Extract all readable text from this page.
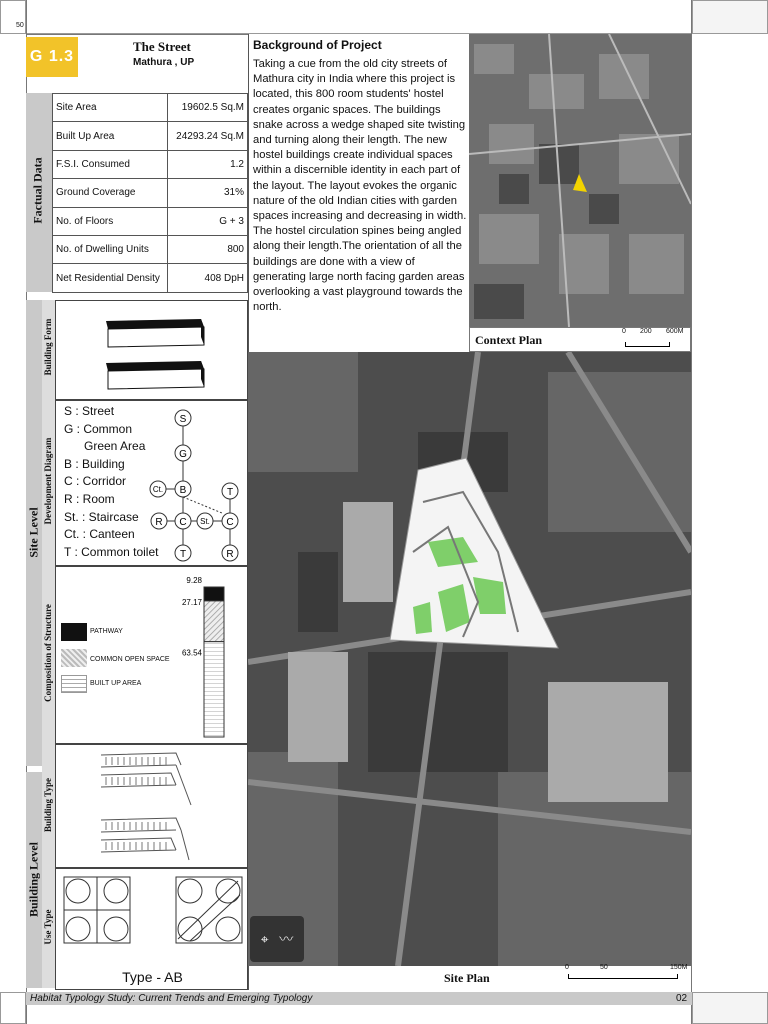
50
G 1.3
The Street
Mathura , UP
Factual Data
Site Area	19602.5 Sq.M
Built Up Area	24293.24 Sq.M
F.S.I. Consumed	1.2
Ground Coverage	31%
No. of Floors	G + 3
No. of Dwelling Units	800
Net Residential Density	408 DpH
Background of Project
Taking a cue from the old city streets of Mathura city in India where this project is located, this 800 room students' hostel creates organic spaces. The buildings snake across a wedge shaped site twisting and turning along their length. The new hostel buildings create individual spaces within a discernible identity in each part of the layout. The layout evokes the organic nature of the old Indian cities with garden spaces increasing and decreasing in width. The hostel circulation spines being angled along their length.The orientation of all the buildings are done with a view of generating large north facing garden areas overlooking a vast playground towards the north.
Context Plan
0 200 600M
⌖ 〰
Site Plan
0	50	150M
Site Level
Building Level
Building Form
Development Diagram
Composition of Structure
Building Type
Use Type
S : Street
G : Common
Green Area
B : Building
C : Corridor
R : Room
St. : Staircase
Ct. : Canteen
T : Common toilet
S
G
B
Ct.	T
R C St. C
T	R
PATHWAY
COMMON OPEN SPACE
BUILT UP AREA
9.28
27.17
63.54
Type - AB
Habitat Typology Study: Current Trends and Emerging Typology	02
